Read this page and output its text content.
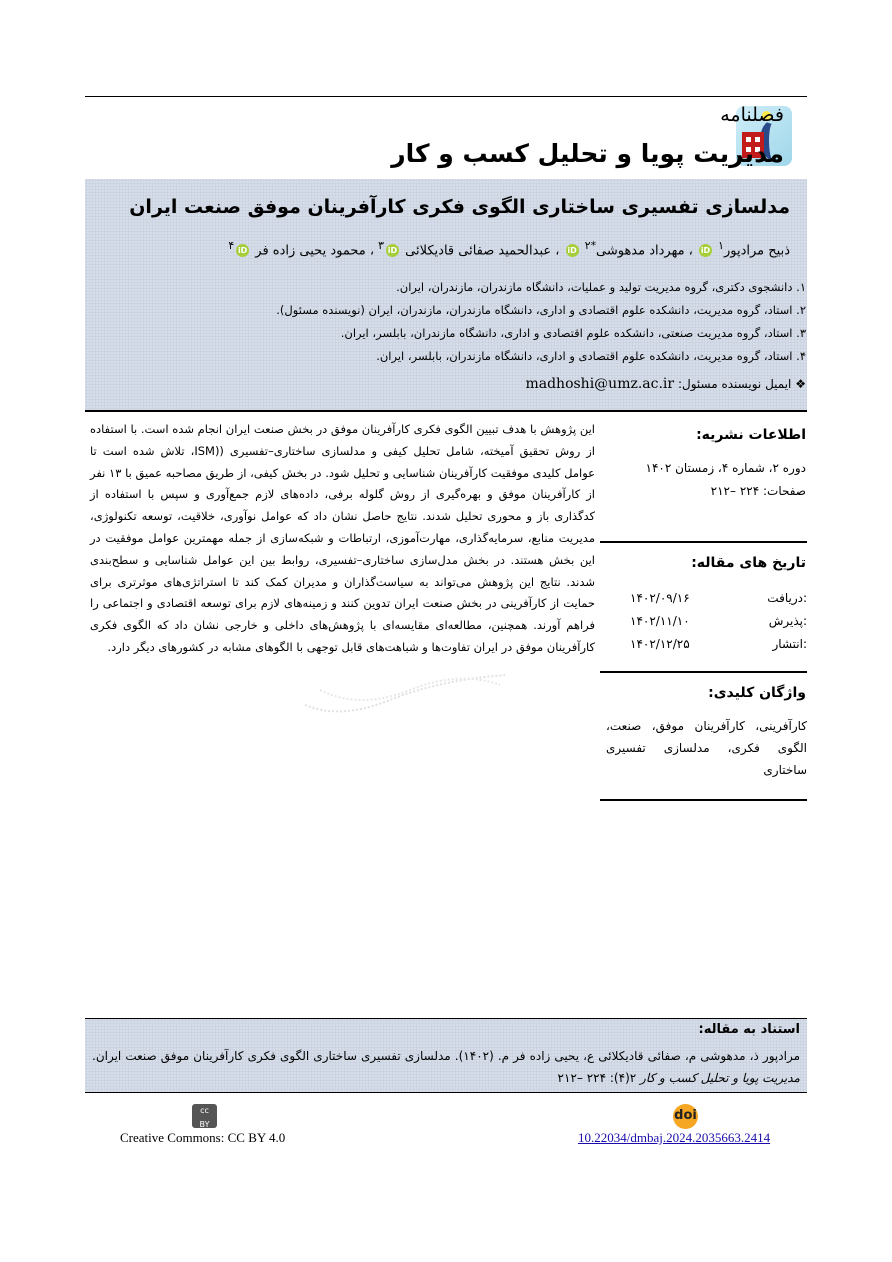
فصلنامه
مدیریت پویا و تحلیل کسب و کار
مدلسازی تفسیری ساختاری الگوی فکری کارآفرینان موفق صنعت ایران
ذبیح مرادپور$^۱$ iD ، مهرداد مدهوشی$^{*۲}$ iD ، عبدالحمید صفائی قادیکلائی $iD^۳$ ، محمود یحیی زاده فر $iD^۴$
۱. دانشجوی دکتری، گروه مدیریت تولید و عملیات، دانشگاه مازندران، مازندران، ایران.
۲. استاد، گروه مدیریت، دانشکده علوم اقتصادی و اداری، دانشگاه مازندران، مازندران، ایران (نویسنده مسئول).
۳. استاد، گروه مدیریت صنعتی، دانشکده علوم اقتصادی و اداری، دانشگاه مازندران، بابلسر، ایران.
۴. استاد، گروه مدیریت، دانشکده علوم اقتصادی و اداری، دانشگاه مازندران، بابلسر، ایران.
❖ ایمیل نویسنده مسئول: madhoshi@umz.ac.ir
این پژوهش با هدف تبیین الگوی فکری کارآفرینان موفق در بخش صنعت ایران انجام شده است. با استفاده از روش تحقیق آمیخته، شامل تحلیل کیفی و مدلسازی ساختاری–تفسیری ((ISM، تلاش شده است تا عوامل کلیدی موفقیت کارآفرینان شناسایی و تحلیل شود. در بخش کیفی، از طریق مصاحبه عمیق با ۱۳ نفر از کارآفرینان موفق و بهره‌گیری از روش گلوله برفی، داده‌های لازم جمع‌آوری و سپس با استفاده از کدگذاری باز و محوری تحلیل شدند. نتایج حاصل نشان داد که عوامل نوآوری، خلاقیت، توسعه تکنولوژی، مدیریت منابع، سرمایه‌گذاری، مهارت‌آموزی، ارتباطات و شبکه‌سازی از جمله مهمترین عوامل موفقیت در این بخش هستند. در بخش مدل‌سازی ساختاری–تفسیری، روابط بین این عوامل شناسایی و سطح‌بندی شدند. نتایج این پژوهش می‌تواند به سیاست‌گذاران و مدیران کمک کند تا استراتژی‌های موثرتری برای حمایت از کارآفرینی در بخش صنعت ایران تدوین کنند و زمینه‌های لازم برای توسعه اقتصادی و اجتماعی را فراهم آورند. همچنین، مطالعه‌ای مقایسه‌ای با پژوهش‌های داخلی و خارجی نشان داد که الگوی فکری کارآفرینان موفق در ایران تفاوت‌ها و شباهت‌های قابل توجهی با الگوهای مشابه در کشورهای دیگر دارد.
اطلاعات نشریه:
دوره ۲، شماره ۴، زمستان ۱۴۰۲
صفحات: ۲۲۴ –۲۱۲
تاریخ های مقاله:
دریافت:
۱۴۰۲/۰۹/۱۶
پذیرش:
۱۴۰۲/۱۱/۱۰
انتشار:
۱۴۰۲/۱۲/۲۵
واژگان کلیدی:
کارآفرینی، کارآفرینان موفق، صنعت، الگوی فکری، مدلسازی تفسیری ساختاری
استناد به مقاله:
مرادپور ذ، مدهوشی م، صفائی قادیکلائی ع، یحیی زاده فر م. (۱۴۰۲). مدلسازی تفسیری ساختاری الگوی فکری کارآفرینان موفق صنعت ایران. مدیریت پویا و تحلیل کسب و کار ۲(۴): ۲۲۴ –۲۱۲
cc
BY
Creative Commons: CC BY 4.0
doi
10.22034/dmbaj.2024.2035663.2414
